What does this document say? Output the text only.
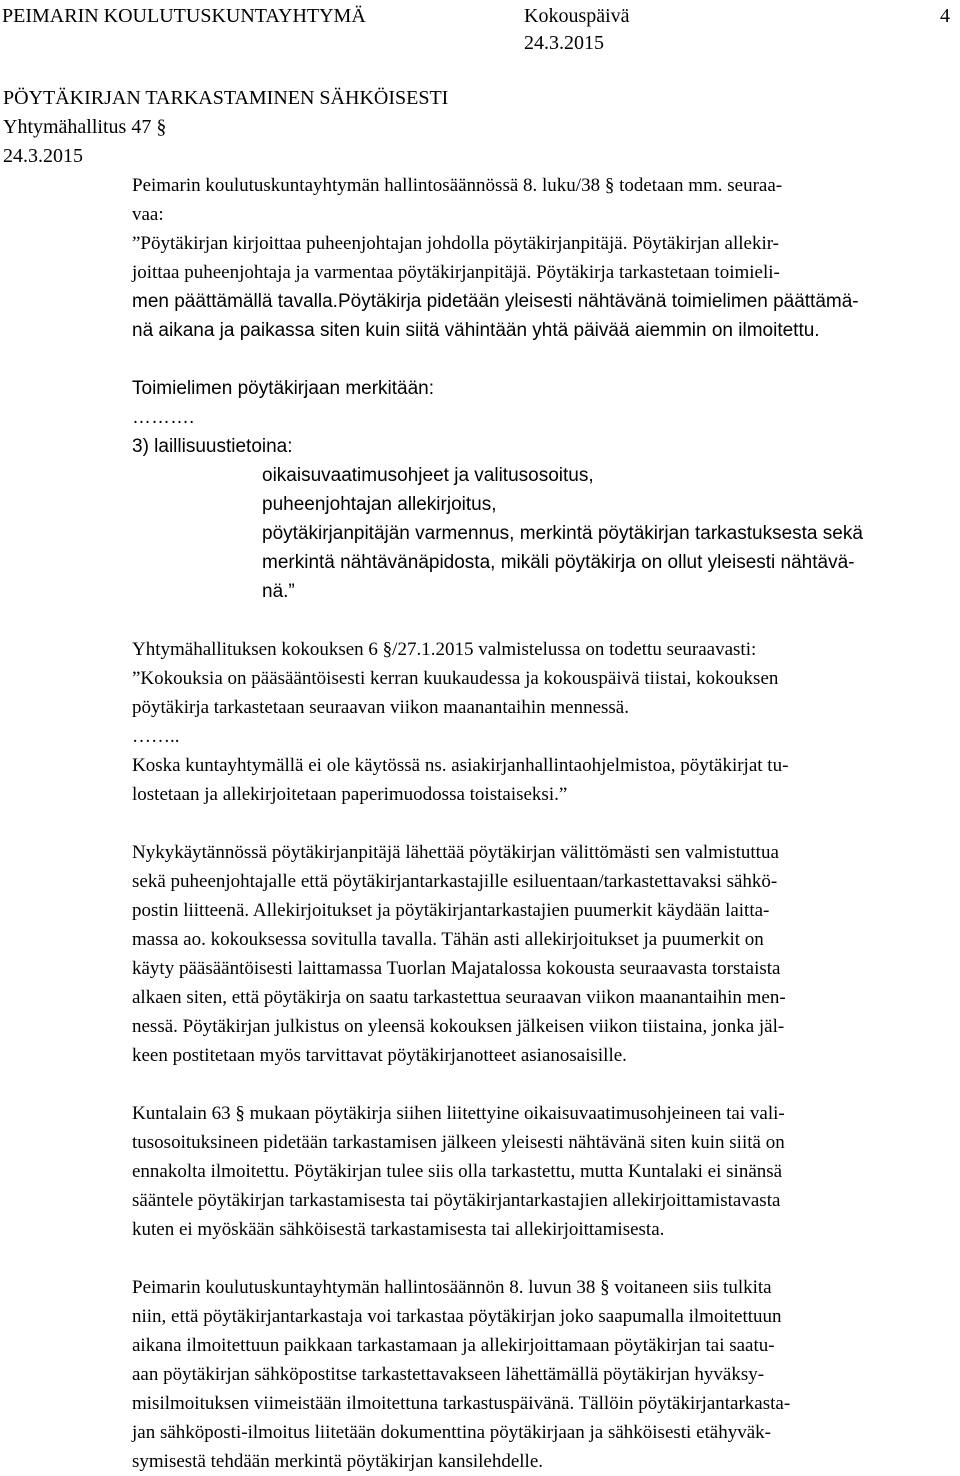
PEIMARIN KOULUTUSKUNTAYHTYMÄ	Kokouspäivä	4
24.3.2015
PÖYTÄKIRJAN TARKASTAMINEN SÄHKÖISESTI
Yhtymähallitus 47 §
24.3.2015
Peimarin koulutuskuntayhtymän hallintosäännössä 8. luku/38 § todetaan mm. seuraa-
vaa:
”Pöytäkirjan kirjoittaa puheenjohtajan johdolla pöytäkirjanpitäjä. Pöytäkirjan allekir-
joittaa puheenjohtaja ja varmentaa pöytäkirjanpitäjä. Pöytäkirja tarkastetaan toimieli-
men päättämällä tavalla.Pöytäkirja pidetään yleisesti nähtävänä toimielimen päättämä-
nä aikana ja paikassa siten kuin siitä vähintään yhtä päivää aiemmin on ilmoitettu.
Toimielimen pöytäkirjaan merkitään:
……….
3) laillisuustietoina:
oikaisuvaatimusohjeet ja valitusosoitus,
puheenjohtajan allekirjoitus,
pöytäkirjanpitäjän varmennus, merkintä pöytäkirjan tarkastuksesta sekä
merkintä nähtävänäpidosta, mikäli pöytäkirja on ollut yleisesti nähtävä-
nä.”
Yhtymähallituksen kokouksen 6 §/27.1.2015 valmistelussa on todettu seuraavasti:
”Kokouksia on pääsääntöisesti kerran kuukaudessa ja kokouspäivä tiistai, kokouksen
pöytäkirja tarkastetaan seuraavan viikon maanantaihin mennessä.
……..
Koska kuntayhtymällä ei ole käytössä ns. asiakirjanhallintaohjelmistoa, pöytäkirjat tu-
lostetaan ja allekirjoitetaan paperimuodossa toistaiseksi.”
Nykykäytännössä pöytäkirjanpitäjä lähettää pöytäkirjan välittömästi sen valmistuttua
sekä puheenjohtajalle että pöytäkirjantarkastajille esiluentaan/tarkastettavaksi sähkö-
postin liitteenä. Allekirjoitukset ja pöytäkirjantarkastajien puumerkit käydään laitta-
massa ao. kokouksessa sovitulla tavalla. Tähän asti allekirjoitukset ja puumerkit on
käyty pääsääntöisesti laittamassa Tuorlan Majatalossa kokousta seuraavasta torstaista
alkaen siten, että pöytäkirja on saatu tarkastettua seuraavan viikon maanantaihin men-
nessä. Pöytäkirjan julkistus on yleensä kokouksen jälkeisen viikon tiistaina, jonka jäl-
keen postitetaan myös tarvittavat pöytäkirjanotteet asianosaisille.
Kuntalain 63 § mukaan pöytäkirja siihen liitettyine oikaisuvaatimusohjeineen tai vali-
tusosoituksineen pidetään tarkastamisen jälkeen yleisesti nähtävänä siten kuin siitä on
ennakolta ilmoitettu. Pöytäkirjan tulee siis olla tarkastettu, mutta Kuntalaki ei sinänsä
sääntele pöytäkirjan tarkastamisesta tai pöytäkirjantarkastajien allekirjoittamistavasta
kuten ei myöskään sähköisestä tarkastamisesta tai allekirjoittamisesta.
Peimarin koulutuskuntayhtymän hallintosäännön 8. luvun 38 § voitaneen siis tulkita
niin, että pöytäkirjantarkastaja voi tarkastaa pöytäkirjan joko saapumalla ilmoitettuun
aikana ilmoitettuun paikkaan tarkastamaan ja allekirjoittamaan pöytäkirjan tai saatu-
aan pöytäkirjan sähköpostitse tarkastettavakseen lähettämällä pöytäkirjan hyväksy-
misilmoituksen viimeistään ilmoitettuna tarkastuspäivänä. Tällöin pöytäkirjantarkasta-
jan sähköposti-ilmoitus liitetään dokumenttina pöytäkirjaan ja sähköisesti etähyväk-
symisestä tehdään merkintä pöytäkirjan kansilehdelle.
